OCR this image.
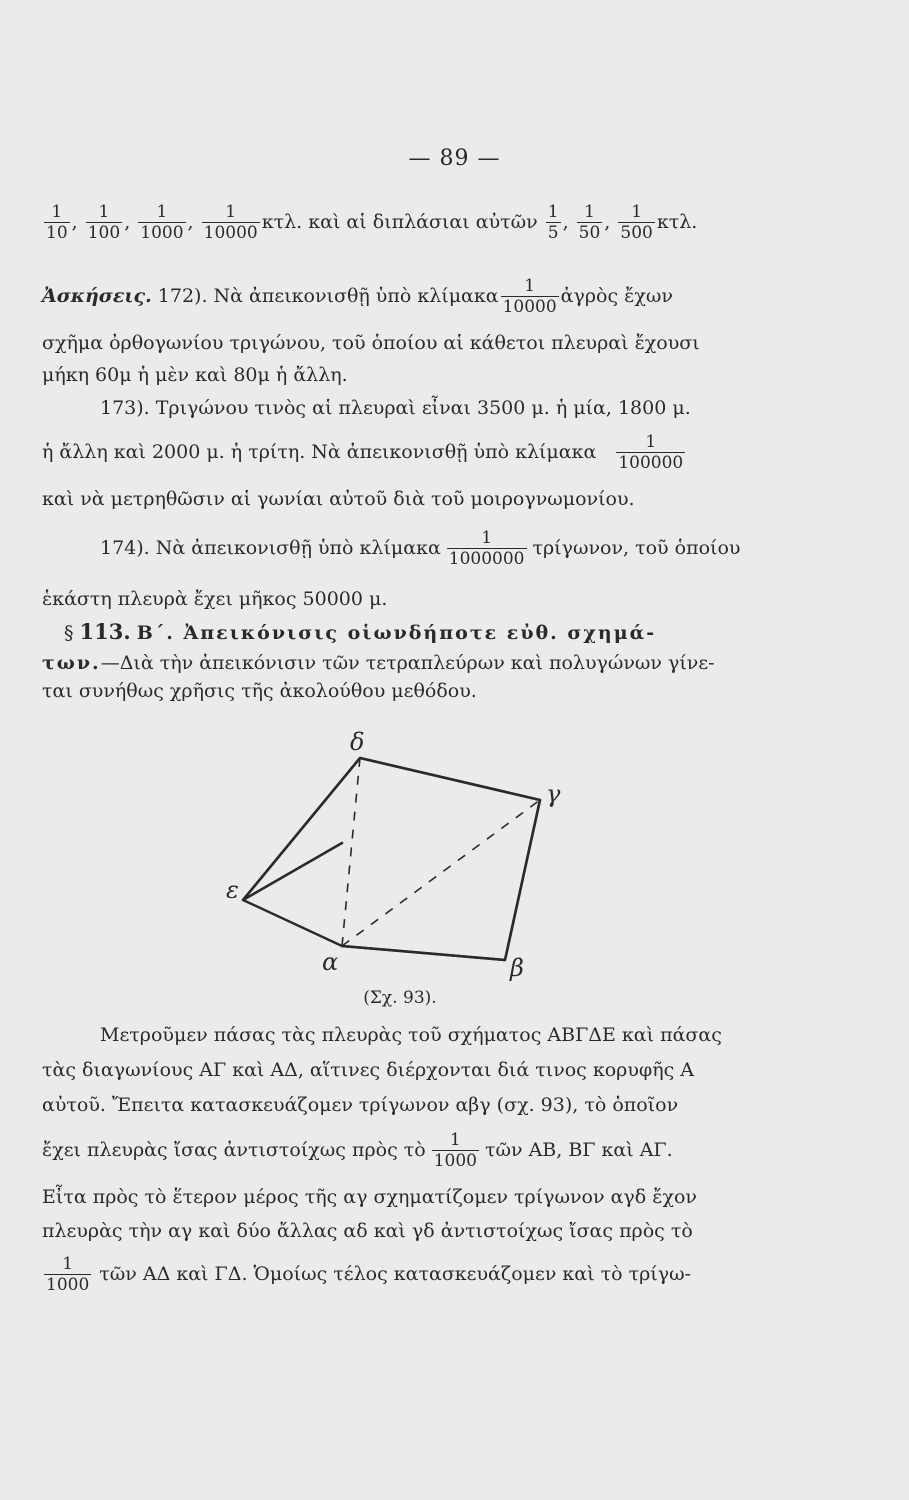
— 89 —
$\frac{1}{10}$ , $\frac{1}{100}$ , $\frac{1}{1000}$ , $\frac{1}{10000} \kappa\tau\lambda$. καὶ αἱ διπλάσιαι αὐτῶν $\frac{1}{5}$ , $\frac{1}{50}$ , $\frac{1}{500} \kappa\tau\lambda$.
Ἀσκήσεις. 172). Νὰ ἀπεικονισθῇ ὑπὸ κλίμακα $\frac{1}{10000}$ ἀγρὸς ἔχων
σχῆμα ὀρθογωνίου τριγώνου, τοῦ ὁποίου αἱ κάθετοι πλευραὶ ἔχουσι
μήκη 60μ ἡ μὲν καὶ 80μ ἡ ἄλλη.
173). Τριγώνου τινὸς αἱ πλευραὶ εἶναι 3500 μ. ἡ μία, 1800 μ.
ἡ ἄλλη καὶ 2000 μ. ἡ τρίτη. Νὰ ἀπεικονισθῇ ὑπὸ κλίμακα $\frac{1}{100000}$
καὶ νὰ μετρηθῶσιν αἱ γωνίαι αὐτοῦ διὰ τοῦ μοιρογνωμονίου.
174). Νὰ ἀπεικονισθῇ ὑπὸ κλίμακα $\frac{1}{1000000} \tau\rho ί\gamma\omega\nu o\nu$, τοῦ ὁποίου
ἑκάστη πλευρὰ ἔχει μῆκος 50000 μ.
§ 113. Β΄. Ἀπεικόνισις οἱωνδήποτε εὐθ. σχημά-
των.—Διὰ τὴν ἀπεικόνισιν τῶν τετραπλεύρων καὶ πολυγώνων γίνε-
ται συνήθως χρῆσις τῆς ἀκολούθου μεθόδου.
δ
γ
ε
α	β
(Σχ. 93).
Μετροῦμεν πάσας τὰς πλευρὰς τοῦ σχήματος ΑΒΓΔΕ καὶ πάσας
τὰς διαγωνίους ΑΓ καὶ ΑΔ, αἵτινες διέρχονται διά τινος κορυφῆς Α
αὐτοῦ. Ἔπειτα κατασκευάζομεν τρίγωνον αβγ (σχ. 93), τὸ ὁποῖον
ἔχει πλευρὰς ἴσας ἀντιστοίχως πρὸς τὸ $\frac{1}{1000}$ τῶν ΑΒ, ΒΓ καὶ ΑΓ.
Εἶτα πρὸς τὸ ἕτερον μέρος τῆς αγ σχηματίζομεν τρίγωνον αγδ ἔχον
πλευρὰς τὴν αγ καὶ δύο ἄλλας αδ καὶ γδ ἀντιστοίχως ἴσας πρὸς τὸ
$\frac{1}{1000}$ τῶν ΑΔ καὶ ΓΔ. Ὁμοίως τέλος κατασκευάζομεν καὶ τὸ τρίγω-
